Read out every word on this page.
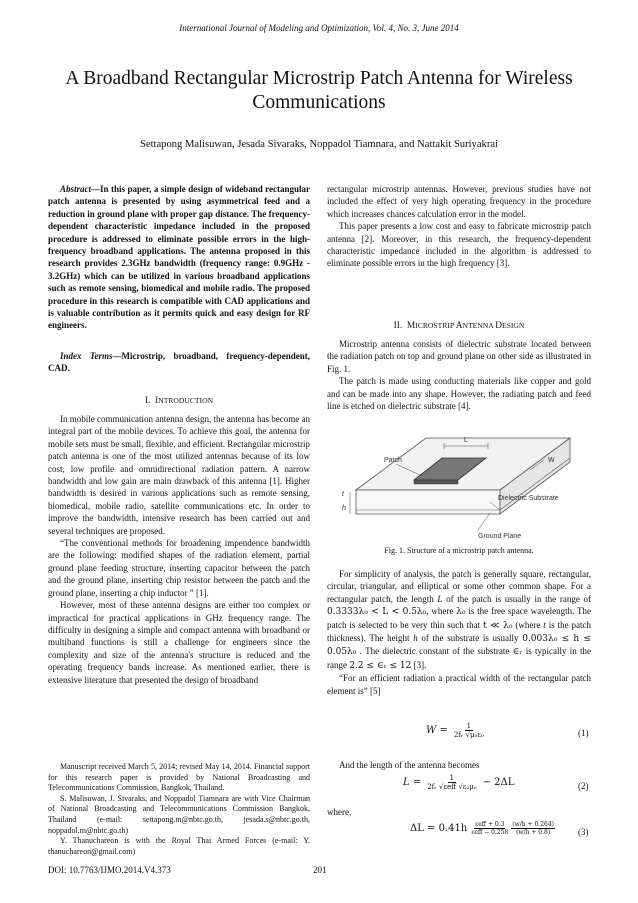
International Journal of Modeling and Optimization, Vol. 4, No. 3, June 2014
A Broadband Rectangular Microstrip Patch Antenna for Wireless Communications
Settapong Malisuwan, Jesada Sivaraks, Noppadol Tiamnara, and Nattakit Suriyakrai

Abstract—In this paper, a simple design of wideband rectangular patch antenna is presented by using asymmetrical feed and a reduction in ground plane with proper gap distance. The frequency-dependent characteristic impedance included in the proposed procedure is addressed to eliminate possible errors in the high-frequency broadband applications. The antenna proposed in this research provides 2.3GHz bandwidth (frequency range: 0.9GHz - 3.2GHz) which can be utilized in various broadband applications such as remote sensing, biomedical and mobile radio. The proposed procedure in this research is compatible with CAD applications and is valuable contribution as it permits quick and easy design for RF engineers.

Index Terms—Microstrip, broadband, frequency-dependent, CAD.

I. INTRODUCTION

In mobile communication antenna design, the antenna has become an integral part of the mobile devices. To achieve this goal, the antenna for mobile sets must be small, flexible, and efficient. Rectangular microstrip patch antenna is one of the most utilized antennas because of its low cost, low profile and omnidirectional radiation pattern. A narrow bandwidth and low gain are main drawback of this antenna [1]. Higher bandwidth is desired in various applications such as remote sensing, biomedical, mobile radio, satellite communications etc. In order to improve the bandwidth, intensive research has been carried out and several techniques are proposed.

“The conventional methods for broadening impendence bandwidth are the following: modified shapes of the radiation element, partial ground plane feeding structure, inserting capacitor between the patch and the ground plane, inserting chip resistor between the patch and the ground plane, inserting a chip inductor ” [1].

However, most of these antenna designs are either too complex or impractical for practical applications in GHz frequency range. The difficulty in designing a simple and compact antenna with broadband or multiband functions is still a challenge for engineers since the complexity and size of the antenna's structure is reduced and the operating frequency bands increase. As mentioned earlier, there is extensive literature that presented the design of broadband

Manuscript received March 5, 2014; revised May 14, 2014. Financial support for this research paper is provided by National Broadcasting and Telecommunications Commission, Bangkok, Thailand.

S. Malisuwan, J. Sivaraks, and Noppadol Tiamnara are with Vice Chairman of National Broadcasting and Telecommunications Commission Bangkok, Thailand (e-mail: settapong.m@nbtc.go.th, jesada.s@nbtc.go.th, noppadol.m@nbtc.go.th)

Y. Thanuchareon is with the Royal Thai Armed Forces (e-mail: Y. thanuchareon@gmail.com)

rectangular microstrip antennas. However, previous studies have not included the effect of very high operating frequency in the procedure which increases chances calculation error in the model.

This paper presents a low cost and easy to fabricate microstrip patch antenna [2]. Moreover, in this research, the frequency-dependent characteristic impedance included in the algorithm is addressed to eliminate possible errors in the high frequency [3].

II. MICROSTRIP ANTENNA DESIGN

Microstrip antenna consists of dielectric substrate located between the radiation patch on top and ground plane on other side as illustrated in Fig. 1.

The patch is made using conducting materials like copper and gold and can be made into any shape. However, the radiating patch and feed line is etched on dielectric substrate [4].

Patch
L
W
t
h
Dielectric Substrate
Ground Plane
Fig. 1. Structure of a microstrip patch antenna.

For simplicity of analysis, the patch is generally square, rectangular, circular, triangular, and elliptical or some other common shape. For a rectangular patch, the length L of the patch is usually in the range of 0.3333λ₀ < L < 0.5λ₀, where λ₀ is the free space wavelength. The patch is selected to be very thin such that t ≪ λ₀ (where t is the patch thickness). The height h of the substrate is usually 0.003λ₀ ≤ h ≤ 0.05λ₀ . The dielectric constant of the substrate ∈ᵣ is typically in the range 2.2 ≤ ∈ᵣ ≤ 12 [3].

“For an efficient radiation a practical width of the rectangular patch element is” [5]

$W = \frac{1}{\text{2fᵣ √μ₀ε₀}}$	(1)
And the length of the antenna becomes
L =	1
2fᵣ √εeff √ε₀μ₀ − 2ΔL	(2)
where,
ΔL = 0.41h εeff + 0.3
$\varepsilon eff - 0.258 \frac{(w/h + 0.264)}{(w/h + 0.8)}$	(3)
DOI: 10.7763/IJMO.2014.V4.373	201
